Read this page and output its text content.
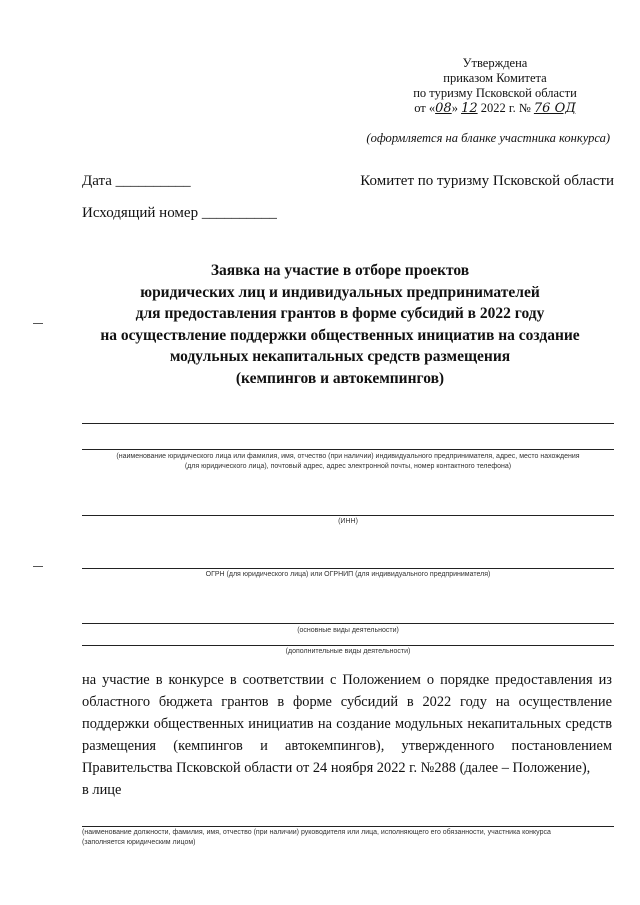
Утверждена
приказом Комитета
по туризму Псковской области
от «08» 12 2022 г. № 76 ОД
(оформляется на бланке участника конкурса)
Дата __________	Комитет по туризму Псковской области
Исходящий номер __________
Заявка на участие в отборе проектов
юридических лиц и индивидуальных предпринимателей
для предоставления грантов в форме субсидий в 2022 году
на осуществление поддержки общественных инициатив на создание
модульных некапитальных средств размещения
(кемпингов и автокемпингов)
(наименование юридического лица или фамилия, имя, отчество (при наличии) индивидуального предпринимателя, адрес, место нахождения
(для юридического лица), почтовый адрес, адрес электронной почты, номер контактного телефона)
(ИНН)
ОГРН (для юридического лица) или ОГРНИП (для индивидуального предпринимателя)
(основные виды деятельности)
(дополнительные виды деятельности)
на участие в конкурсе в соответствии с Положением о порядке предоставления из областного бюджета грантов в форме субсидий в 2022 году на осуществление поддержки общественных инициатив на создание модульных некапитальных средств размещения (кемпингов и автокемпингов), утвержденного постановлением Правительства Псковской области от 24 ноября 2022 г. №288 (далее – Положение),
в лице
(наименование должности, фамилия, имя, отчество (при наличии) руководителя или лица, исполняющего его обязанности, участника конкурса
(заполняется юридическим лицом)
